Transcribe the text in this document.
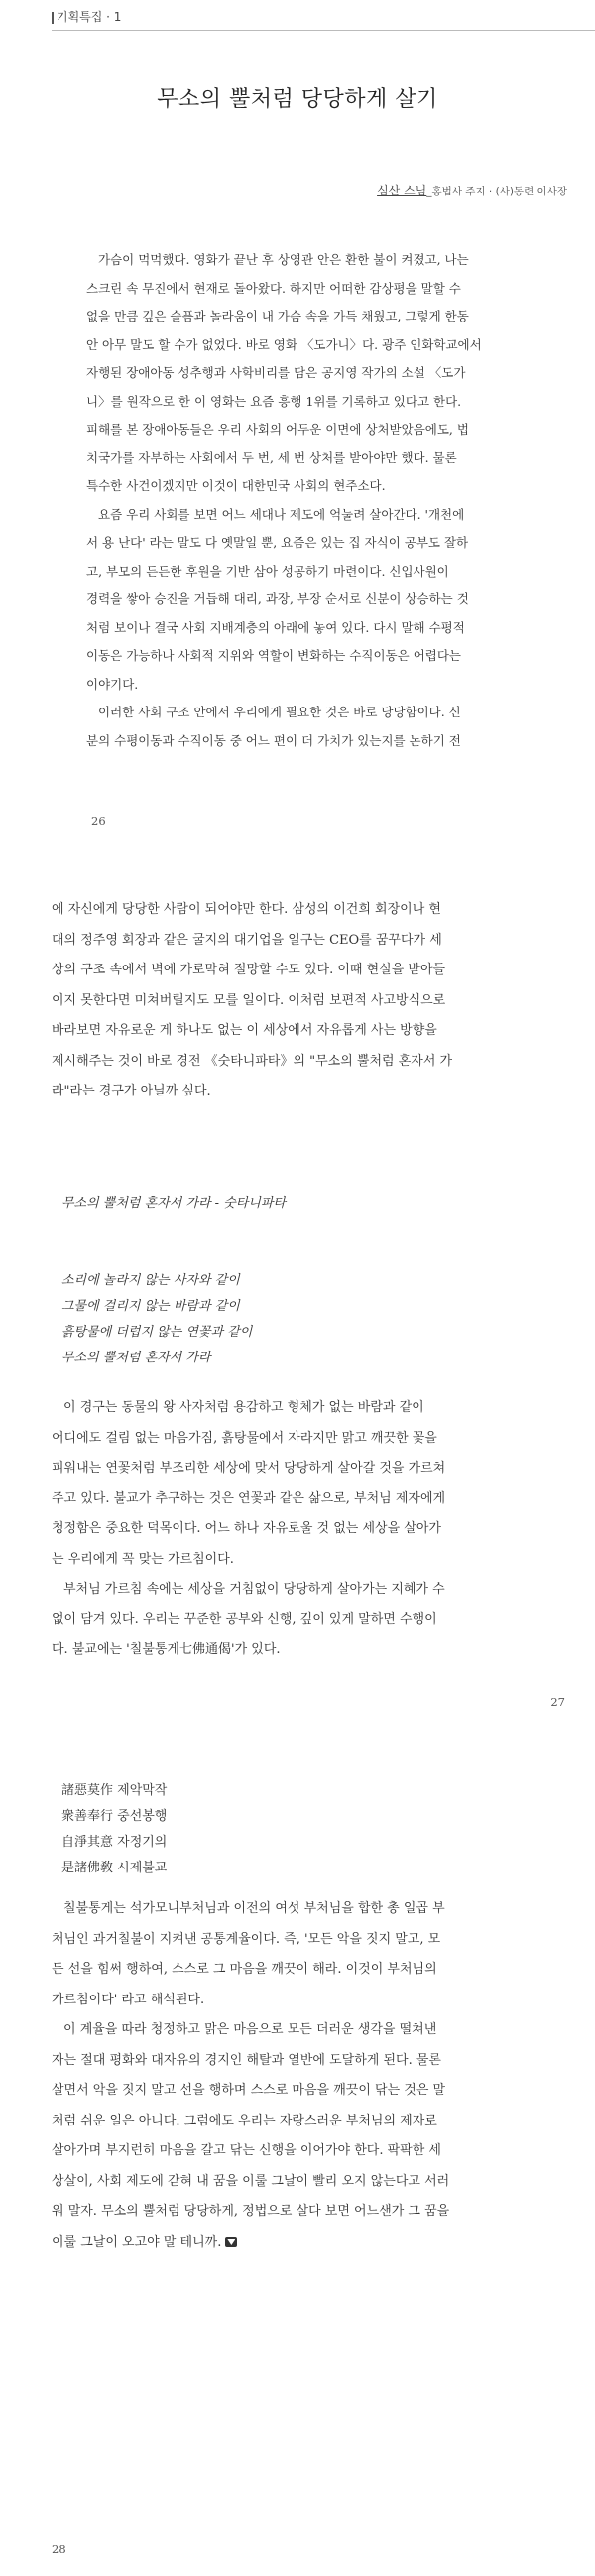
기획특집 · 1
무소의 뿔처럼 당당하게 살기
심산 스님_홍법사 주지 · (사)동련 이사장
가슴이 먹먹했다. 영화가 끝난 후 상영관 안은 환한 불이 켜졌고, 나는
스크린 속 무진에서 현재로 돌아왔다. 하지만 어떠한 감상평을 말할 수
없을 만큼 깊은 슬픔과 놀라움이 내 가슴 속을 가득 채웠고, 그렇게 한동
안 아무 말도 할 수가 없었다. 바로 영화 〈도가니〉다. 광주 인화학교에서
자행된 장애아동 성추행과 사학비리를 담은 공지영 작가의 소설 〈도가
니〉를 원작으로 한 이 영화는 요즘 흥행 1위를 기록하고 있다고 한다.
피해를 본 장애아동들은 우리 사회의 어두운 이면에 상처받았음에도, 법
치국가를 자부하는 사회에서 두 번, 세 번 상처를 받아야만 했다. 물론
특수한 사건이겠지만 이것이 대한민국 사회의 현주소다.
요즘 우리 사회를 보면 어느 세대나 제도에 억눌려 살아간다. '개천에
서 용 난다' 라는 말도 다 옛말일 뿐, 요즘은 있는 집 자식이 공부도 잘하
고, 부모의 든든한 후원을 기반 삼아 성공하기 마련이다. 신입사원이
경력을 쌓아 승진을 거듭해 대리, 과장, 부장 순서로 신분이 상승하는 것
처럼 보이나 결국 사회 지배계층의 아래에 놓여 있다. 다시 말해 수평적
이동은 가능하나 사회적 지위와 역할이 변화하는 수직이동은 어렵다는
이야기다.
이러한 사회 구조 안에서 우리에게 필요한 것은 바로 당당함이다. 신
분의 수평이동과 수직이동 중 어느 편이 더 가치가 있는지를 논하기 전
26
에 자신에게 당당한 사람이 되어야만 한다. 삼성의 이건희 회장이나 현
대의 정주영 회장과 같은 굴지의 대기업을 일구는 CEO를 꿈꾸다가 세
상의 구조 속에서 벽에 가로막혀 절망할 수도 있다. 이때 현실을 받아들
이지 못한다면 미쳐버릴지도 모를 일이다. 이처럼 보편적 사고방식으로
바라보면 자유로운 게 하나도 없는 이 세상에서 자유롭게 사는 방향을
제시해주는 것이 바로 경전 《숫타니파타》의 "무소의 뿔처럼 혼자서 가
라"라는 경구가 아닐까 싶다.
무소의 뿔처럼 혼자서 가라 - 숫타니파타
소리에 놀라지 않는 사자와 같이
그물에 걸리지 않는 바람과 같이
흙탕물에 더럽지 않는 연꽃과 같이
무소의 뿔처럼 혼자서 가라
이 경구는 동물의 왕 사자처럼 용감하고 형체가 없는 바람과 같이
어디에도 걸림 없는 마음가짐, 흙탕물에서 자라지만 맑고 깨끗한 꽃을
피워내는 연꽃처럼 부조리한 세상에 맞서 당당하게 살아갈 것을 가르쳐
주고 있다. 불교가 추구하는 것은 연꽃과 같은 삶으로, 부처님 제자에게
청정함은 중요한 덕목이다. 어느 하나 자유로울 것 없는 세상을 살아가
는 우리에게 꼭 맞는 가르침이다.
부처님 가르침 속에는 세상을 거침없이 당당하게 살아가는 지혜가 수
없이 담겨 있다. 우리는 꾸준한 공부와 신행, 깊이 있게 말하면 수행이
다. 불교에는 '칠불통게七佛通偈'가 있다.
27
諸惡莫作 제악막작
衆善奉行 중선봉행
自淨其意 자정기의
是諸佛敎 시제불교
칠불통게는 석가모니부처님과 이전의 여섯 부처님을 합한 총 일곱 부
처님인 과거칠불이 지켜낸 공통계율이다. 즉, '모든 악을 짓지 말고, 모
든 선을 힘써 행하여, 스스로 그 마음을 깨끗이 해라. 이것이 부처님의
가르침이다' 라고 해석된다.
이 계율을 따라 청정하고 맑은 마음으로 모든 더러운 생각을 떨쳐낸
자는 절대 평화와 대자유의 경지인 해탈과 열반에 도달하게 된다. 물론
살면서 악을 짓지 말고 선을 행하며 스스로 마음을 깨끗이 닦는 것은 말
처럼 쉬운 일은 아니다. 그럼에도 우리는 자랑스러운 부처님의 제자로
살아가며 부지런히 마음을 갈고 닦는 신행을 이어가야 한다. 팍팍한 세
상살이, 사회 제도에 갇혀 내 꿈을 이룰 그날이 빨리 오지 않는다고 서러
워 말자. 무소의 뿔처럼 당당하게, 정법으로 살다 보면 어느샌가 그 꿈을
이룰 그날이 오고야 말 테니까.
28
